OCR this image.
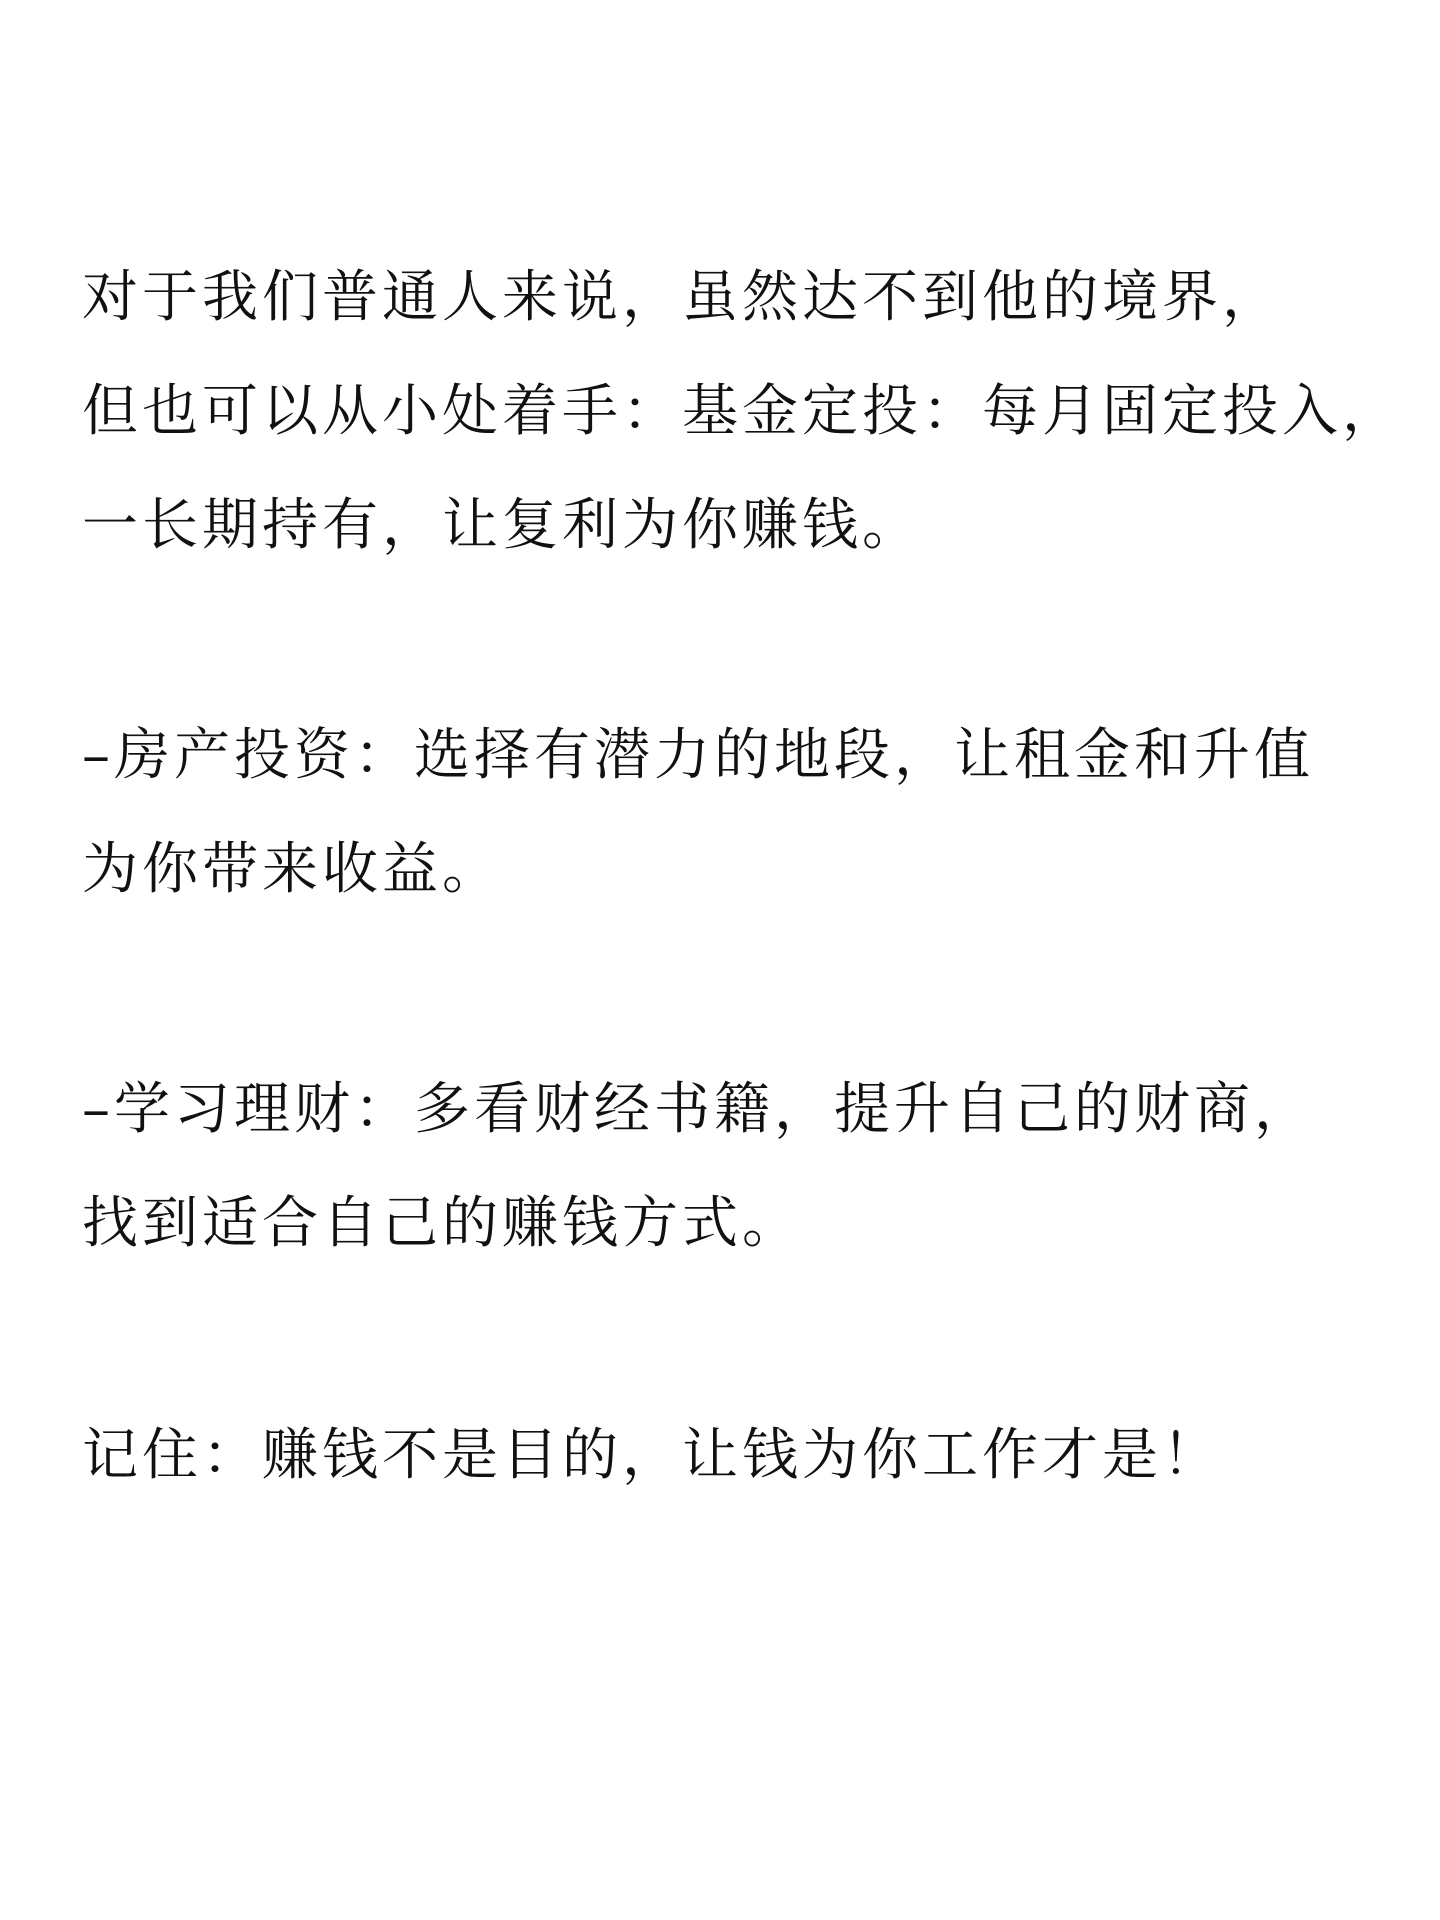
对于我们普通人来说，虽然达不到他的境界，
但也可以从小处着手：基金定投：每月固定投入，
一长期持有，让复利为你赚钱。
–房产投资：选择有潜力的地段，让租金和升值
为你带来收益。
–学习理财：多看财经书籍，提升自己的财商，
找到适合自己的赚钱方式。
记住：赚钱不是目的，让钱为你工作才是！
